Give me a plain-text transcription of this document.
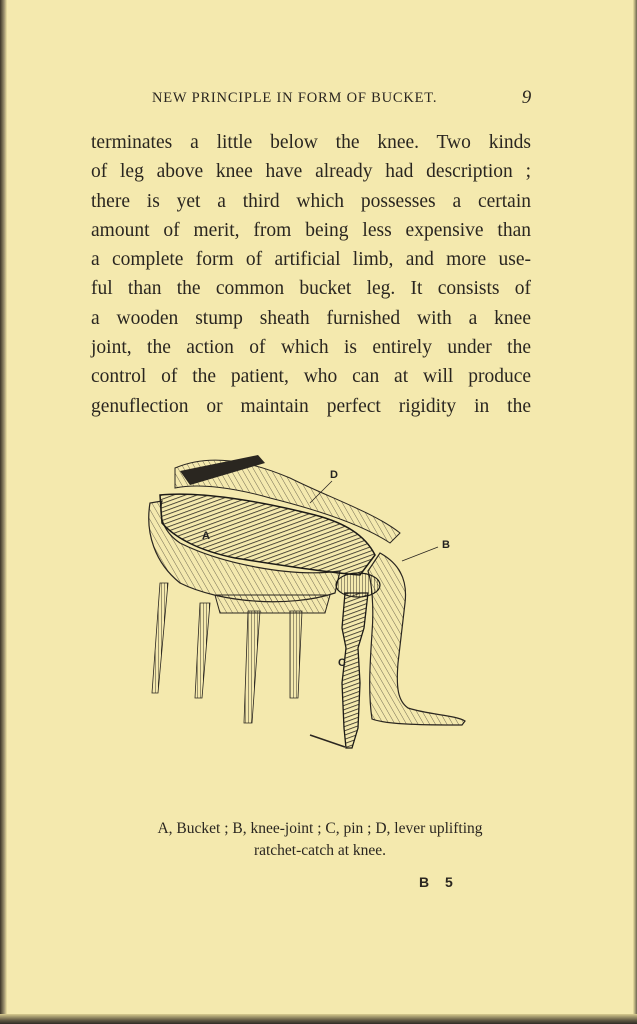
NEW PRINCIPLE IN FORM OF BUCKET.	9
terminates a little below the knee. Two kinds
of leg above knee have already had description ;
there is yet a third which possesses a certain
amount of merit, from being less expensive than
a complete form of artificial limb, and more use-
ful than the common bucket leg. It consists of
a wooden stump sheath furnished with a knee
joint, the action of which is entirely under the
control of the patient, who can at will produce
genuflection or maintain perfect rigidity in the
A
B
C
D
A, Bucket ; B, knee-joint ; C, pin ; D, lever uplifting
ratchet-catch at knee.
B 5
